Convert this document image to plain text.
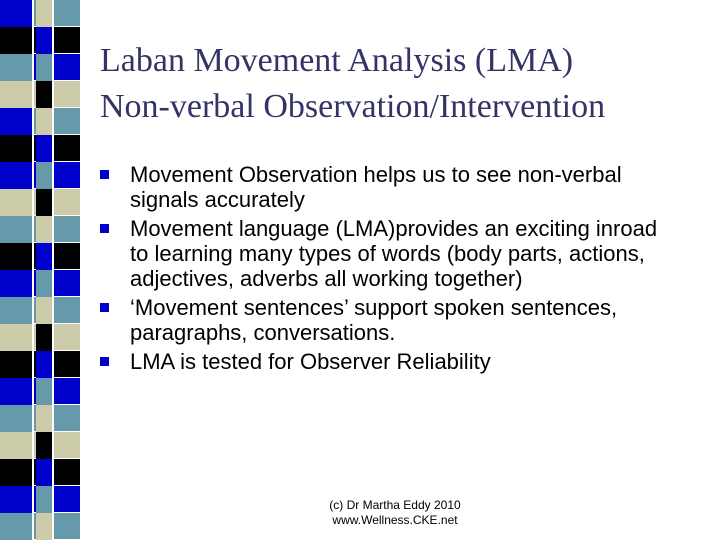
Laban Movement Analysis (LMA)
Non-verbal Observation/Intervention
Movement Observation helps us to see non-verbal signals accurately
Movement language (LMA)provides an exciting inroad to learning many types of words (body parts, actions, adjectives, adverbs all working together)
‘Movement sentences’ support spoken sentences, paragraphs, conversations.
LMA is tested for Observer Reliability
(c) Dr Martha Eddy 2010
www.Wellness.CKE.net
